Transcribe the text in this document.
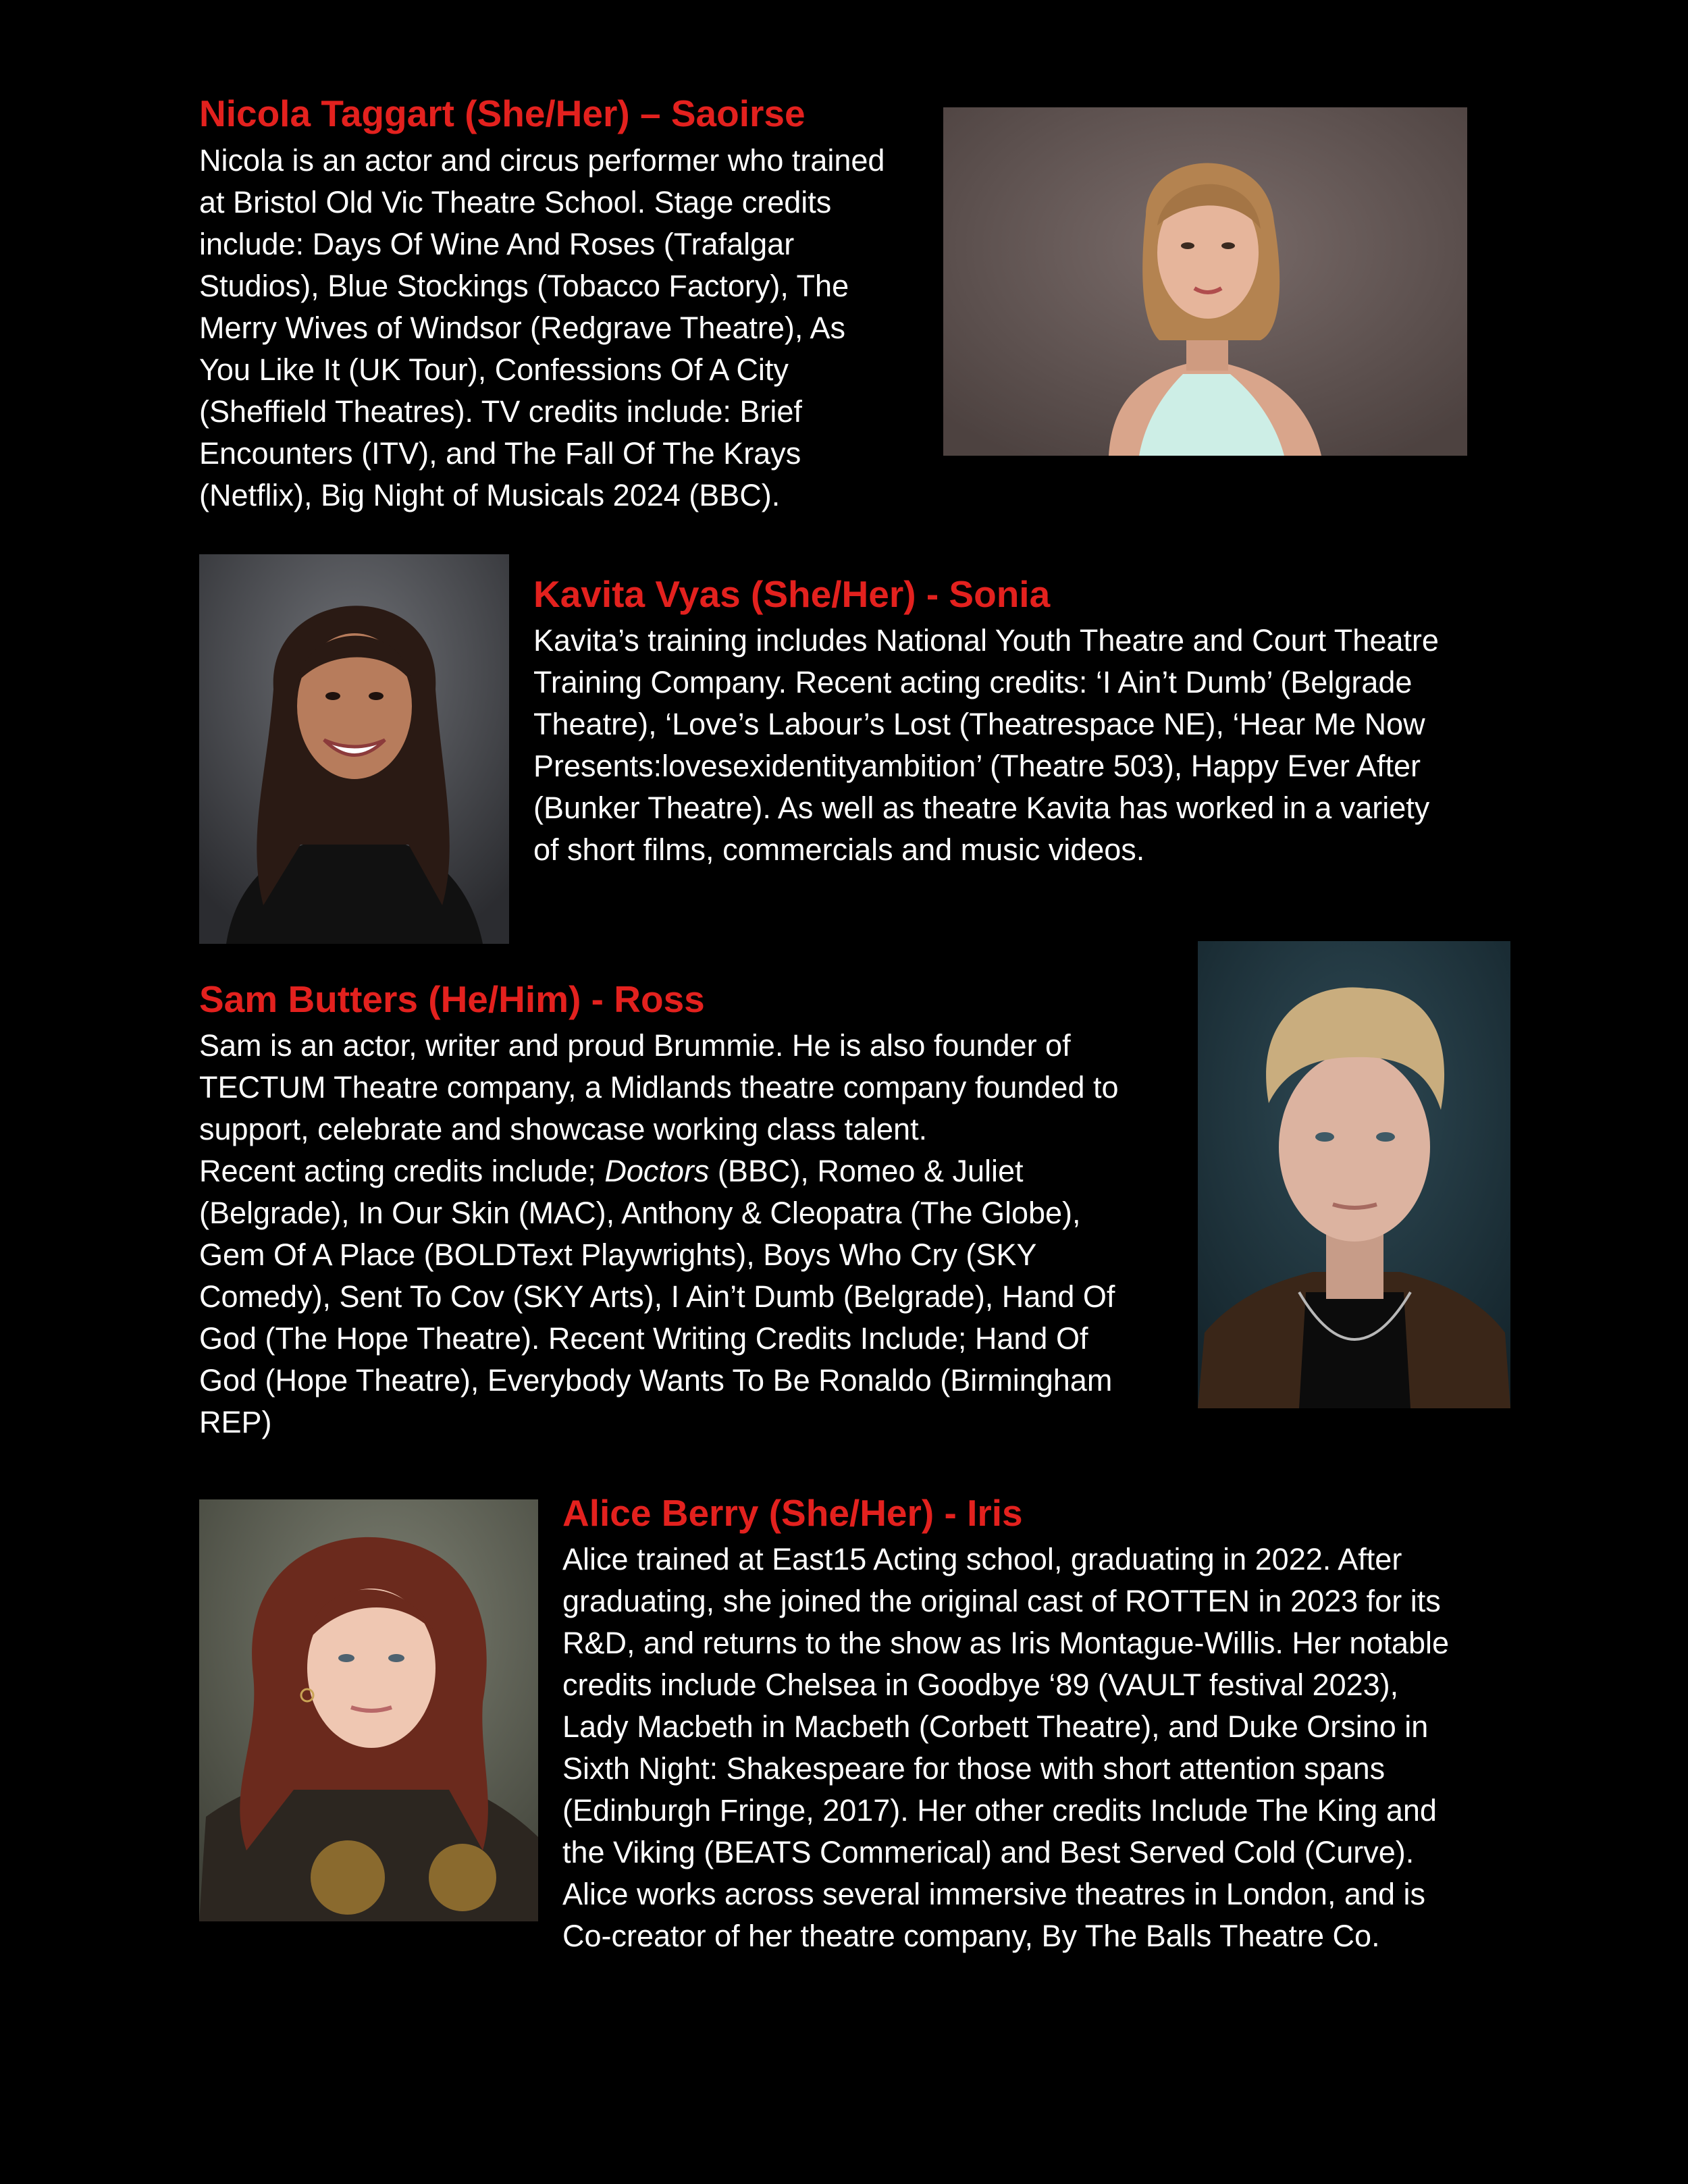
Nicola Taggart (She/Her) – Saoirse
Nicola is an actor and circus performer who trained
at Bristol Old Vic Theatre School. Stage credits
include: Days Of Wine And Roses (Trafalgar
Studios), Blue Stockings (Tobacco Factory), The
Merry Wives of Windsor (Redgrave Theatre), As
You Like It (UK Tour), Confessions Of A City
(Sheffield Theatres). TV credits include: Brief
Encounters (ITV), and The Fall Of The Krays
(Netflix), Big Night of Musicals 2024 (BBC).
Kavita Vyas (She/Her) - Sonia
Kavita’s training includes National Youth Theatre and Court Theatre
Training Company. Recent acting credits: ‘I Ain’t Dumb’ (Belgrade
Theatre), ‘Love’s Labour’s Lost (Theatrespace NE), ‘Hear Me Now
Presents:lovesexidentityambition’ (Theatre 503), Happy Ever After
(Bunker Theatre). As well as theatre Kavita has worked in a variety
of short films, commercials and music videos.
Sam Butters (He/Him) - Ross
Sam is an actor, writer and proud Brummie. He is also founder of
TECTUM Theatre company, a Midlands theatre company founded to
support, celebrate and showcase working class talent.
Recent acting credits include; Doctors (BBC), Romeo & Juliet
(Belgrade), In Our Skin (MAC), Anthony & Cleopatra (The Globe),
Gem Of A Place (BOLDText Playwrights), Boys Who Cry (SKY
Comedy), Sent To Cov (SKY Arts), I Ain’t Dumb (Belgrade), Hand Of
God (The Hope Theatre). Recent Writing Credits Include; Hand Of
God (Hope Theatre), Everybody Wants To Be Ronaldo (Birmingham
REP)
Alice Berry (She/Her) - Iris
Alice trained at East15 Acting school, graduating in 2022. After
graduating, she joined the original cast of ROTTEN in 2023 for its
R&D, and returns to the show as Iris Montague-Willis. Her notable
credits include Chelsea in Goodbye ‘89 (VAULT festival 2023),
Lady Macbeth in Macbeth (Corbett Theatre), and Duke Orsino in
Sixth Night: Shakespeare for those with short attention spans
(Edinburgh Fringe, 2017). Her other credits Include The King and
the Viking (BEATS Commerical) and Best Served Cold (Curve).
Alice works across several immersive theatres in London, and is
Co-creator of her theatre company, By The Balls Theatre Co.
